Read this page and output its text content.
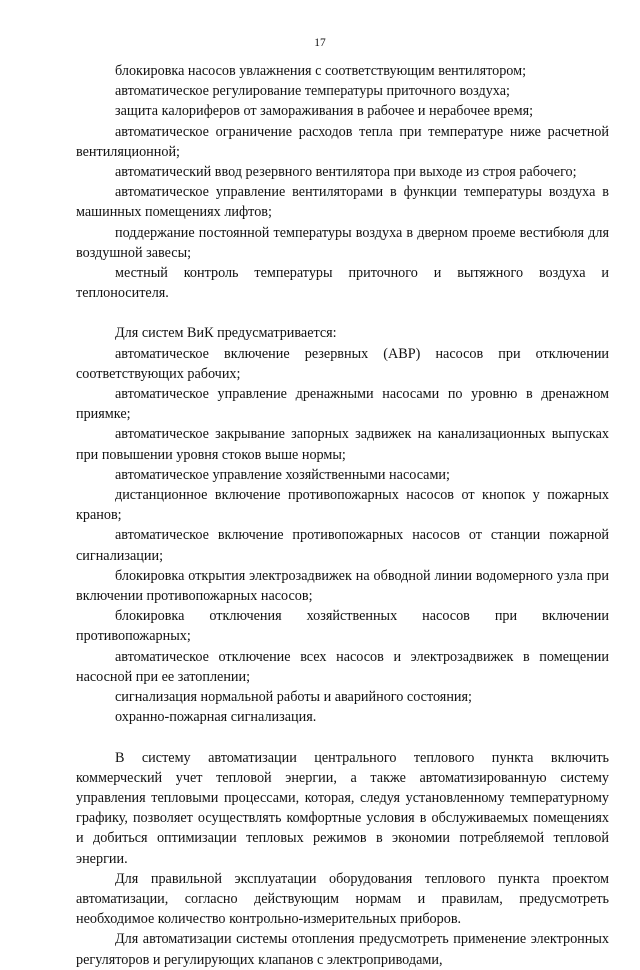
17

блокировка насосов увлажнения с соответствующим вентилятором;

автоматическое регулирование температуры приточного воздуха;

защита калориферов от замораживания в рабочее и нерабочее время;

автоматическое ограничение расходов тепла при температуре ниже расчетной вентиляционной;

автоматический ввод резервного вентилятора при выходе из строя рабочего;

автоматическое управление вентиляторами в функции температуры воздуха в машинных помещениях лифтов;

поддержание постоянной температуры воздуха в дверном проеме вестибюля для воздушной завесы;

местный контроль температуры приточного и вытяжного воздуха и теплоносителя.

Для систем ВиК предусматривается:

автоматическое включение резервных (АВР) насосов при отключении соответствующих рабочих;

автоматическое управление дренажными насосами по уровню в дренажном приямке;

автоматическое закрывание запорных задвижек на канализационных выпусках при повышении уровня стоков выше нормы;

автоматическое управление хозяйственными насосами;

дистанционное включение противопожарных насосов от кнопок у пожарных кранов;

автоматическое включение противопожарных насосов от станции пожарной сигнализации;

блокировка открытия электрозадвижек на обводной линии водомерного узла при включении противопожарных насосов;

блокировка отключения хозяйственных насосов при включении противопожарных;

автоматическое отключение всех насосов и электрозадвижек в помещении насосной при ее затоплении;

сигнализация нормальной работы и аварийного состояния;

охранно-пожарная сигнализация.

В систему автоматизации центрального теплового пункта включить коммерческий учет тепловой энергии, а также автоматизированную систему управления тепловыми процессами, которая, следуя установленному температурному графику, позволяет осуществлять комфортные условия в обслуживаемых помещениях и добиться оптимизации тепловых режимов в экономии потребляемой тепловой энергии.

Для правильной эксплуатации оборудования теплового пункта проектом автоматизации, согласно действующим нормам и правилам, предусмотреть необходимое количество контрольно-измерительных приборов.

Для автоматизации системы отопления предусмотреть применение электронных регуляторов и регулирующих клапанов с электроприводами,
